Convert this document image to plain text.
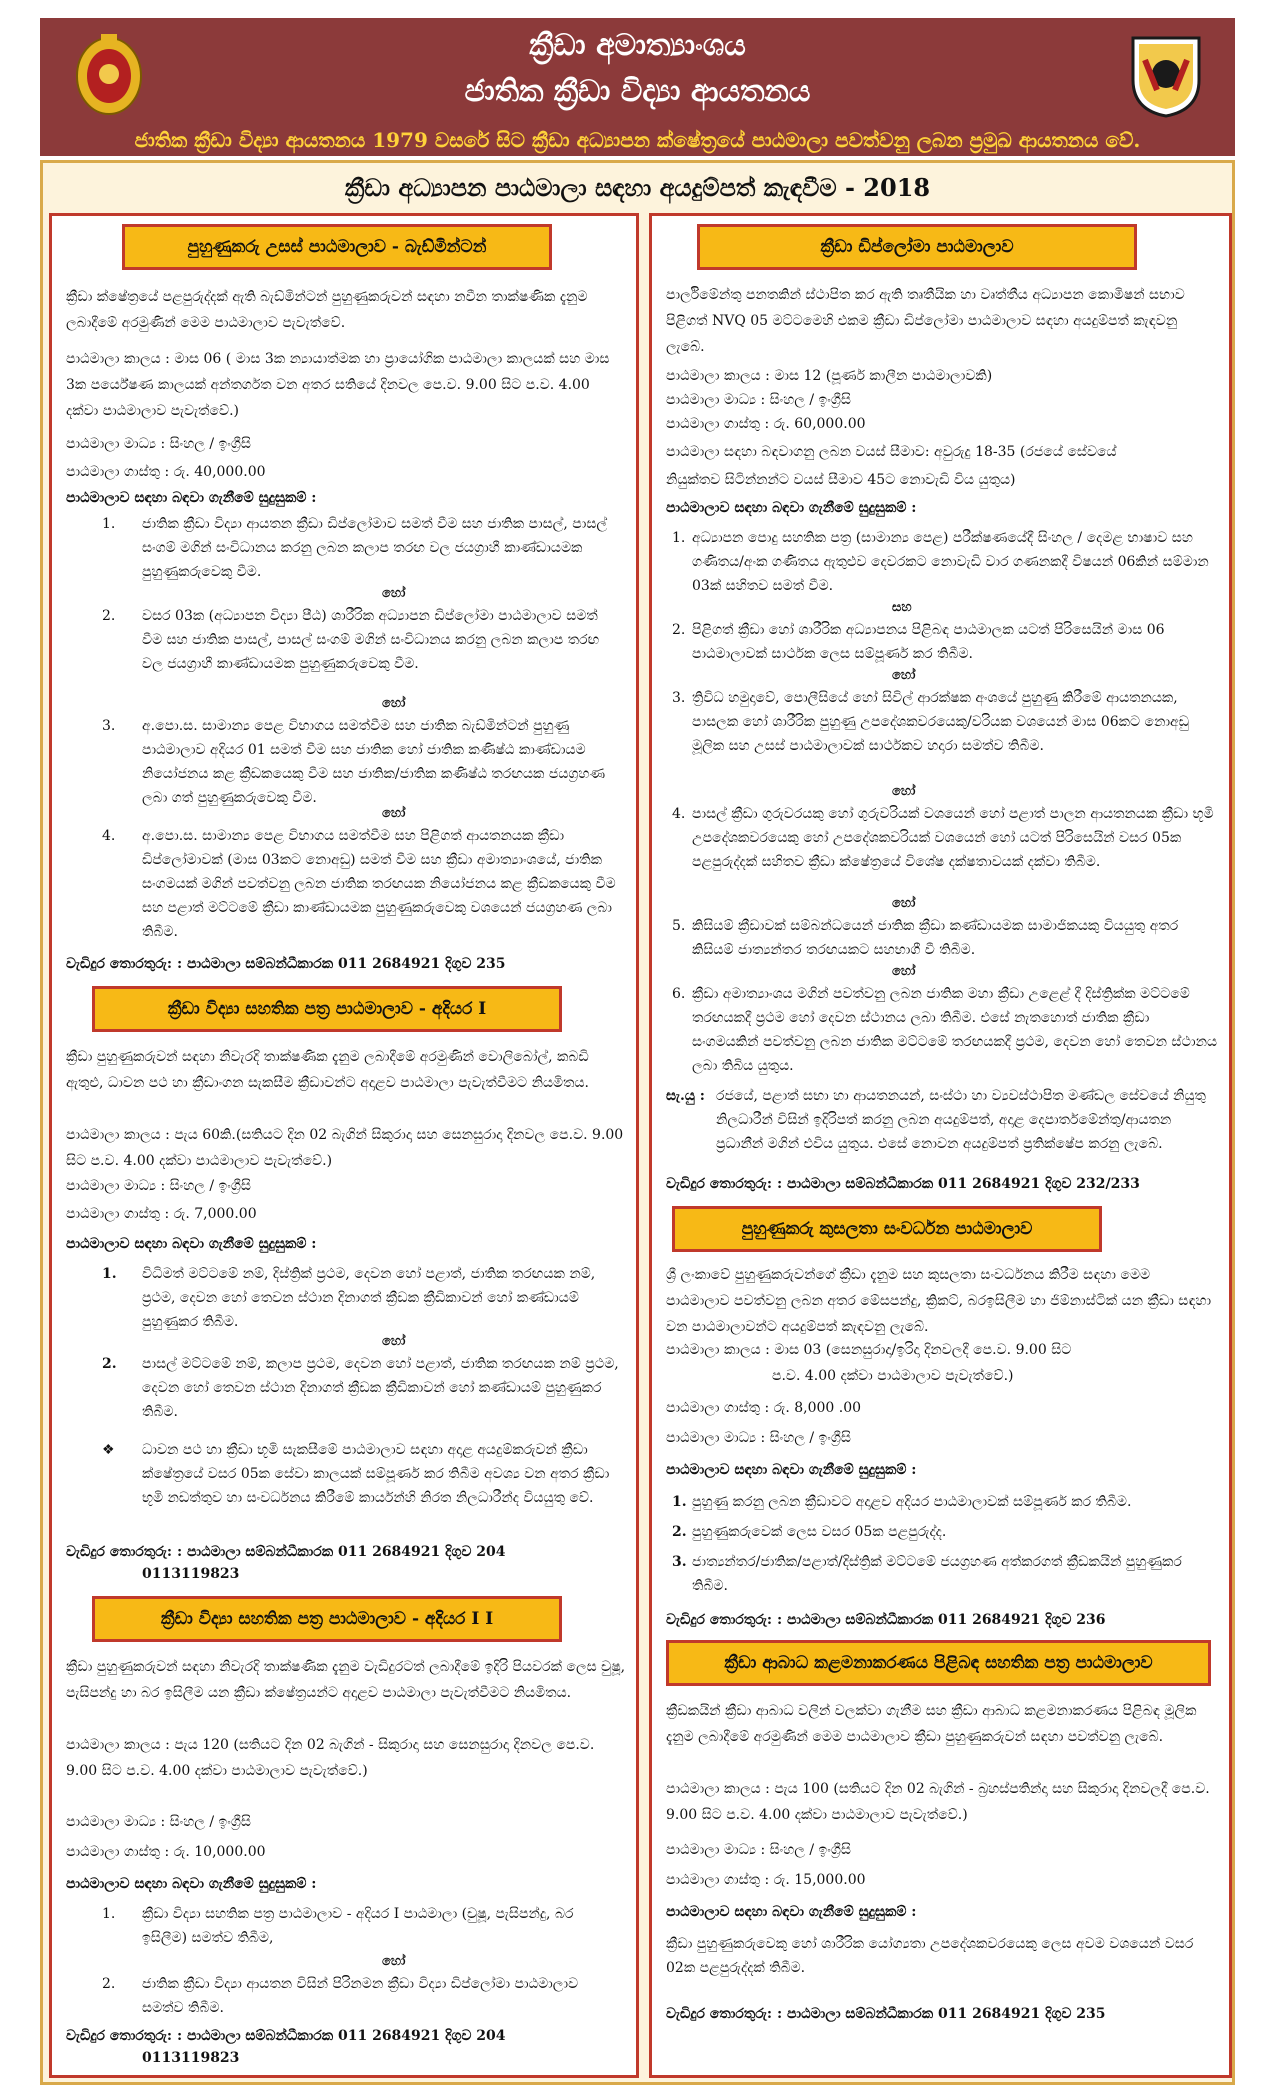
ක්‍රීඩා අමාත්‍යාංශය
ජාතික ක්‍රීඩා විද්‍යා ආයතනය
ජාතික ක්‍රීඩා විද්‍යා ආයතනය 1979 වසරේ සිට ක්‍රීඩා අධ්‍යාපන ක්ෂේත්‍රයේ පාඨමාලා පවත්වනු ලබන ප්‍රමුඛ ආයතනය වේ.
ක්‍රීඩා අධ්‍යාපන පාඨමාලා සඳහා අයදුම්පත් කැඳවීම - 2018
පුහුණුකරු උසස් පාඨමාලාව - බැඩ්මින්ටන්
ක්‍රීඩා ක්ෂේත්‍රයේ පළපුරුද්දක් ඇති බැඩ්මින්ටන් පුහුණුකරුවන් සඳහා නවීන තාක්ෂණික දැනුම ලබාදීමේ අරමුණින් මෙම පාඨමාලාව පැවැත්වේ.
පාඨමාලා කාලය : මාස 06 ( මාස 3ක න්‍යායාත්මක හා ප්‍රායෝගික පාඨමාලා කාලයක් සහ මාස 3ක පර්යේෂණ කාලයක් අන්තර්ගත වන අතර සතියේ දිනවල පෙ.ව. 9.00 සිට ප.ව. 4.00 දක්වා පාඨමාලාව පැවැත්වේ.)
පාඨමාලා මාධ්‍ය : සිංහල / ඉංග්‍රීසි
පාඨමාලා ගාස්තු : රු. 40,000.00
පාඨමාලාව සඳහා බඳවා ගැනීමේ සුදුසුකම් :
1. ජාතික ක්‍රීඩා විද්‍යා ආයතන ක්‍රීඩා ඩිප්ලෝමාව සමත් වීම සහ ජාතික පාසල්, පාසල් සංගම් මගින් සංවිධානය කරනු ලබන කලාප තරඟ වල ජයග්‍රාහී කාණ්ඩායමක පුහුණුකරුවෙකු වීම.
හෝ
2. වසර 03ක (අධ්‍යාපන විද්‍යා පීඨ) ශාරීරික අධ්‍යාපන ඩිප්ලෝමා පාඨමාලාව සමත් වීම සහ ජාතික පාසල්, පාසල් සංගම් මගින් සංවිධානය කරනු ලබන කලාප තරඟ වල ජයග්‍රාහී කාණ්ඩායමක පුහුණුකරුවෙකු වීම.
හෝ
3. අ.පො.ස. සාමාන්‍ය පෙළ විභාගය සමත්වීම සහ ජාතික බැඩ්මින්ටන් පුහුණු පාඨමාලාව අදියර 01 සමත් වීම සහ ජාතික හෝ ජාතික කණිෂ්ඨ කාණ්ඩායම නියෝජනය කළ ක්‍රීඩකයෙකු වීම සහ ජාතික/ජාතික කණිෂ්ඨ තරඟයක ජයග්‍රහණ ලබා ගත් පුහුණුකරුවෙකු වීම.
හෝ
4. අ.පො.ස. සාමාන්‍ය පෙළ විභාගය සමත්වීම සහ පිළිගත් ආයතනයක ක්‍රීඩා ඩිප්ලෝමාවක් (මාස 03කට නොඅඩු) සමත් වීම සහ ක්‍රීඩා අමාත්‍යාංශයේ, ජාතික සංගමයක් මගින් පවත්වනු ලබන ජාතික තරඟයක නියෝජනය කළ ක්‍රීඩකයෙකු වීම සහ පළාත් මට්ටමේ ක්‍රීඩා කාණ්ඩායමක පුහුණුකරුවෙකු වශයෙන් ජයග්‍රහණ ලබා තිබීම.
වැඩිදුර තොරතුරු: : පාඨමාලා සම්බන්ධීකාරක 011 2684921 දිගුව 235
ක්‍රීඩා විද්‍යා සහතික පත්‍ර පාඨමාලාව - අදියර I
ක්‍රීඩා පුහුණුකරුවන් සඳහා නිවැරදි තාක්ෂණික දැනුම ලබාදීමේ අරමුණින් වොලිබෝල්, කබඩි ඇතුළු, ධාවන පථ හා ක්‍රීඩාංගන සැකසීම ක්‍රීඩාවන්ට අදාළව පාඨමාලා පැවැත්වීමට නියමිතය.
පාඨමාලා කාලය : පැය 60කි.(සතියට දින 02 බැගින් සිකුරාදා සහ සෙනසුරාදා දිනවල පෙ.ව. 9.00 සිට ප.ව. 4.00 දක්වා පාඨමාලාව පැවැත්වේ.)
පාඨමාලා මාධ්‍ය : සිංහල / ඉංග්‍රීසි
පාඨමාලා ගාස්තු : රු. 7,000.00
පාඨමාලාව සඳහා බඳවා ගැනීමේ සුදුසුකම් :
1. විධිමත් මට්ටමේ නම්, දිස්ත්‍රික් ප්‍රථම, දෙවන හෝ පළාත්, ජාතික තරඟයක නම්, ප්‍රථම, දෙවන හෝ තෙවන ස්ථාන දිනාගත් ක්‍රීඩක ක්‍රීඩිකාවන් හෝ කණ්ඩායම් පුහුණුකර තිබීම.
හෝ
2. පාසල් මට්ටමේ නම්, කලාප ප්‍රථම, දෙවන හෝ පළාත්, ජාතික තරඟයක නම් ප්‍රථම, දෙවන හෝ තෙවන ස්ථාන දිනාගත් ක්‍රීඩක ක්‍රීඩිකාවන් හෝ කණ්ඩායම් පුහුණුකර තිබීම.
❖ ධාවන පථ හා ක්‍රීඩා භූමි සැකසීමේ පාඨමාලාව සඳහා අදාළ අයදුම්කරුවන් ක්‍රීඩා ක්ෂේත්‍රයේ වසර 05ක සේවා කාලයක් සම්පූර්ණ කර තිබීම අවශ්‍ය වන අතර ක්‍රීඩා භූමි නඩත්තුව හා සංවර්ධනය කිරීමේ කාර්යන්හි නිරත නිලධාරීන්ද වියයුතු වේ.
වැඩිදුර තොරතුරු: : පාඨමාලා සම්බන්ධීකාරක 011 2684921 දිගුව 204
0113119823
ක්‍රීඩා විද්‍යා සහතික පත්‍ර පාඨමාලාව - අදියර I I
ක්‍රීඩා පුහුණුකරුවන් සඳහා නිවැරදි තාක්ෂණික දැනුම වැඩිදුරටත් ලබාදීමේ ඉදිරි පියවරක් ලෙස චුෂූ, පැසිපන්දු හා බර ඉසිලීම යන ක්‍රීඩා ක්ෂේත්‍රයන්ට අදාළව පාඨමාලා පැවැත්වීමට නියමිතය.
පාඨමාලා කාලය : පැය 120 (සතියට දින 02 බැගින් - සිකුරාදා සහ සෙනසුරාදා දිනවල පෙ.ව. 9.00 සිට ප.ව. 4.00 දක්වා පාඨමාලාව පැවැත්වේ.)
පාඨමාලා මාධ්‍ය : සිංහල / ඉංග්‍රීසි
පාඨමාලා ගාස්තු : රු. 10,000.00
පාඨමාලාව සඳහා බඳවා ගැනීමේ සුදුසුකම් :
1. ක්‍රීඩා විද්‍යා සහතික පත්‍ර පාඨමාලාව - අදියර I පාඨමාලා (චුෂූ, පැසිපන්දු, බර ඉසිලීම) සමත්ව තිබීම,
හෝ
2. ජාතික ක්‍රීඩා විද්‍යා ආයතන විසින් පිරිනමන ක්‍රීඩා විද්‍යා ඩිප්ලෝමා පාඨමාලාව සමත්ව තිබීම.
වැඩිදුර තොරතුරු: : පාඨමාලා සම්බන්ධීකාරක 011 2684921 දිගුව 204
0113119823
ක්‍රීඩා ඩිප්ලෝමා පාඨමාලාව
පාර්ලිමේන්තු පනතකින් ස්ථාපිත කර ඇති තෘතීයික හා වෘත්තීය අධ්‍යාපන කොමිෂන් සභාව පිළිගත් NVQ 05 මට්ටමෙහි එකම ක්‍රීඩා ඩිප්ලෝමා පාඨමාලාව සඳහා අයදුම්පත් කැඳවනු ලැබේ.
පාඨමාලා කාලය : මාස 12 (පූර්ණ කාලීන පාඨමාලාවකි)
පාඨමාලා මාධ්‍ය : සිංහල / ඉංග්‍රීසි
පාඨමාලා ගාස්තු : රු. 60,000.00
පාඨමාලා සඳහා බඳවාගනු ලබන වයස් සීමාව: අවුරුදු 18-35 (රජයේ සේවයේ
නියුක්තව සිටින්නන්ට වයස් සීමාව 45ට නොවැඩි විය යුතුය)
පාඨමාලාව සඳහා බඳවා ගැනීමේ සුදුසුකම් :
1. අධ්‍යාපන පොදු සහතික පත්‍ර (සාමාන්‍ය පෙළ) පරීක්ෂණයේදී සිංහල / දෙමළ භාෂාව සහ ගණිතය/අංක ගණිතය ඇතුළුව දෙවරකට නොවැඩි වාර ගණනකදී විෂයන් 06කින් සම්මාන 03ක් සහිතව සමත් වීම.
සහ
2. පිළිගත් ක්‍රීඩා හෝ ශාරීරික අධ්‍යාපනය පිළිබඳ පාඨමාලක යටත් පිරිසෙයින් මාස 06 පාඨමාලාවක් සාර්ථක ලෙස සම්පූර්ණ කර තිබීම.
හෝ
3. ත්‍රිවිධ හමුදාවේ, පොලීසියේ හෝ සිවිල් ආරක්ෂක අංශයේ පුහුණු කිරීමේ ආයතනයක, පාසලක හෝ ශාරීරික පුහුණු උපදේශකවරයෙකු/වරියක වශයෙන් මාස 06කට නොඅඩු මූලික සහ උසස් පාඨමාලාවක් සාර්ථකව හදාරා සමත්ව තිබීම.
හෝ
4. පාසල් ක්‍රීඩා ගුරුවරයකු හෝ ගුරුවරියක් වශයෙන් හෝ පළාත් පාලන ආයතනයක ක්‍රීඩා භූමි උපදේශකවරයෙකු හෝ උපදේශකවරියක් වශයෙන් හෝ යටත් පිරිසෙයින් වසර 05ක පළපුරුද්දක් සහිතව ක්‍රීඩා ක්ෂේත්‍රයේ විශේෂ දක්ෂතාවයක් දක්වා තිබීම.
හෝ
5. කිසියම් ක්‍රීඩාවක් සම්බන්ධයෙන් ජාතික ක්‍රීඩා කණ්ඩායමක සාමාජිකයකු වියයුතු අතර කිසියම් ජාත්‍යන්තර තරඟයකට සහභාගී වී තිබීම.
හෝ
6. ක්‍රීඩා අමාත්‍යාංශය මගින් පවත්වනු ලබන ජාතික මහා ක්‍රීඩා උළෙළ් දී දිස්ත්‍රික්ක මට්ටමේ තරඟයකදී ප්‍රථම හෝ දෙවන ස්ථානය ලබා තිබීම. එසේ නැතහොත් ජාතික ක්‍රීඩා සංගමයකින් පවත්වනු ලබන ජාතික මට්ටමේ තරඟයකදී ප්‍රථම, දෙවන හෝ තෙවන ස්ථානය ලබා තිබිය යුතුය.
සැ.යු : රජයේ, පළාත් සභා හා ආයතනයන්, සංස්ථා හා ව්‍යවස්ථාපිත මණ්ඩල සේවයේ නියුතු නිලධාරීන් විසින් ඉදිරිපත් කරනු ලබන අයදුම්පත්, අදාළ දෙපාර්තමේන්තු/ආයතන ප්‍රධානීන් මගින් එවිය යුතුය. එසේ නොවන අයදුම්පත් ප්‍රතික්ෂේප කරනු ලැබේ.
වැඩිදුර තොරතුරු: : පාඨමාලා සම්බන්ධීකාරක 011 2684921 දිගුව 232/233
පුහුණුකරු කුසලතා සංවර්ධන පාඨමාලාව
ශ්‍රී ලංකාවේ පුහුණුකරුවන්ගේ ක්‍රීඩා දැනුම සහ කුසලතා සංවර්ධනය කිරීම සඳහා මෙම පාඨමාලාව පවත්වනු ලබන අතර මේසපන්දු, ක්‍රිකට්, බරඉසිලීම හා ජිම්නාස්ටික් යන ක්‍රීඩා සඳහා වන පාඨමාලාවන්ට අයදුම්පත් කැඳවනු ලැබේ.
පාඨමාලා කාලය : මාස 03 (සෙනසුරාදා/ඉරිදා දිනවලදී පෙ.ව. 9.00 සිට
ප.ව. 4.00 දක්වා පාඨමාලාව පැවැත්වේ.)
පාඨමාලා ගාස්තු : රු. 8,000 .00
පාඨමාලා මාධ්‍ය : සිංහල / ඉංග්‍රීසි
පාඨමාලාව සඳහා බඳවා ගැනීමේ සුදුසුකම් :
1. පුහුණු කරනු ලබන ක්‍රීඩාවට අදාළව අදියර පාඨමාලාවක් සම්පූර්ණ කර තිබීම.
2. පුහුණුකරුවෙක් ලෙස වසර 05ක පළපුරුද්ද.
3. ජාත්‍යන්තර/ජාතික/පළාත්/දිස්ත්‍රික් මට්ටමේ ජයග්‍රහණ අත්කරගත් ක්‍රීඩකයින් පුහුණුකර තිබීම.
වැඩිදුර තොරතුරු: : පාඨමාලා සම්බන්ධීකාරක 011 2684921 දිගුව 236
ක්‍රීඩා ආබාධ කළමනාකරණය පිළිබඳ සහතික පත්‍ර පාඨමාලාව
ක්‍රීඩකයින් ක්‍රීඩා ආබාධ වලින් වලක්වා ගැනීම සහ ක්‍රීඩා ආබාධ කළමනාකරණය පිළිබඳ මූලික දැනුම ලබාදීමේ අරමුණින් මෙම පාඨමාලාව ක්‍රීඩා පුහුණුකරුවන් සඳහා පවත්වනු ලැබේ.
පාඨමාලා කාලය : පැය 100 (සතියට දින 02 බැගින් - බ්‍රහස්පතින්දා සහ සිකුරාදා දිනවලදී පෙ.ව. 9.00 සිට ප.ව. 4.00 දක්වා පාඨමාලාව පැවැත්වේ.)
පාඨමාලා මාධ්‍ය : සිංහල / ඉංග්‍රීසි
පාඨමාලා ගාස්තු : රු. 15,000.00
පාඨමාලාව සඳහා බඳවා ගැනීමේ සුදුසුකම් :
ක්‍රීඩා පුහුණුකරුවෙකු හෝ ශාරීරික යෝග්‍යතා උපදේශකවරයෙකු ලෙස අවම වශයෙන් වසර 02ක පළපුරුද්දක් තිබීම.
වැඩිදුර තොරතුරු: : පාඨමාලා සම්බන්ධීකාරක 011 2684921 දිගුව 235
